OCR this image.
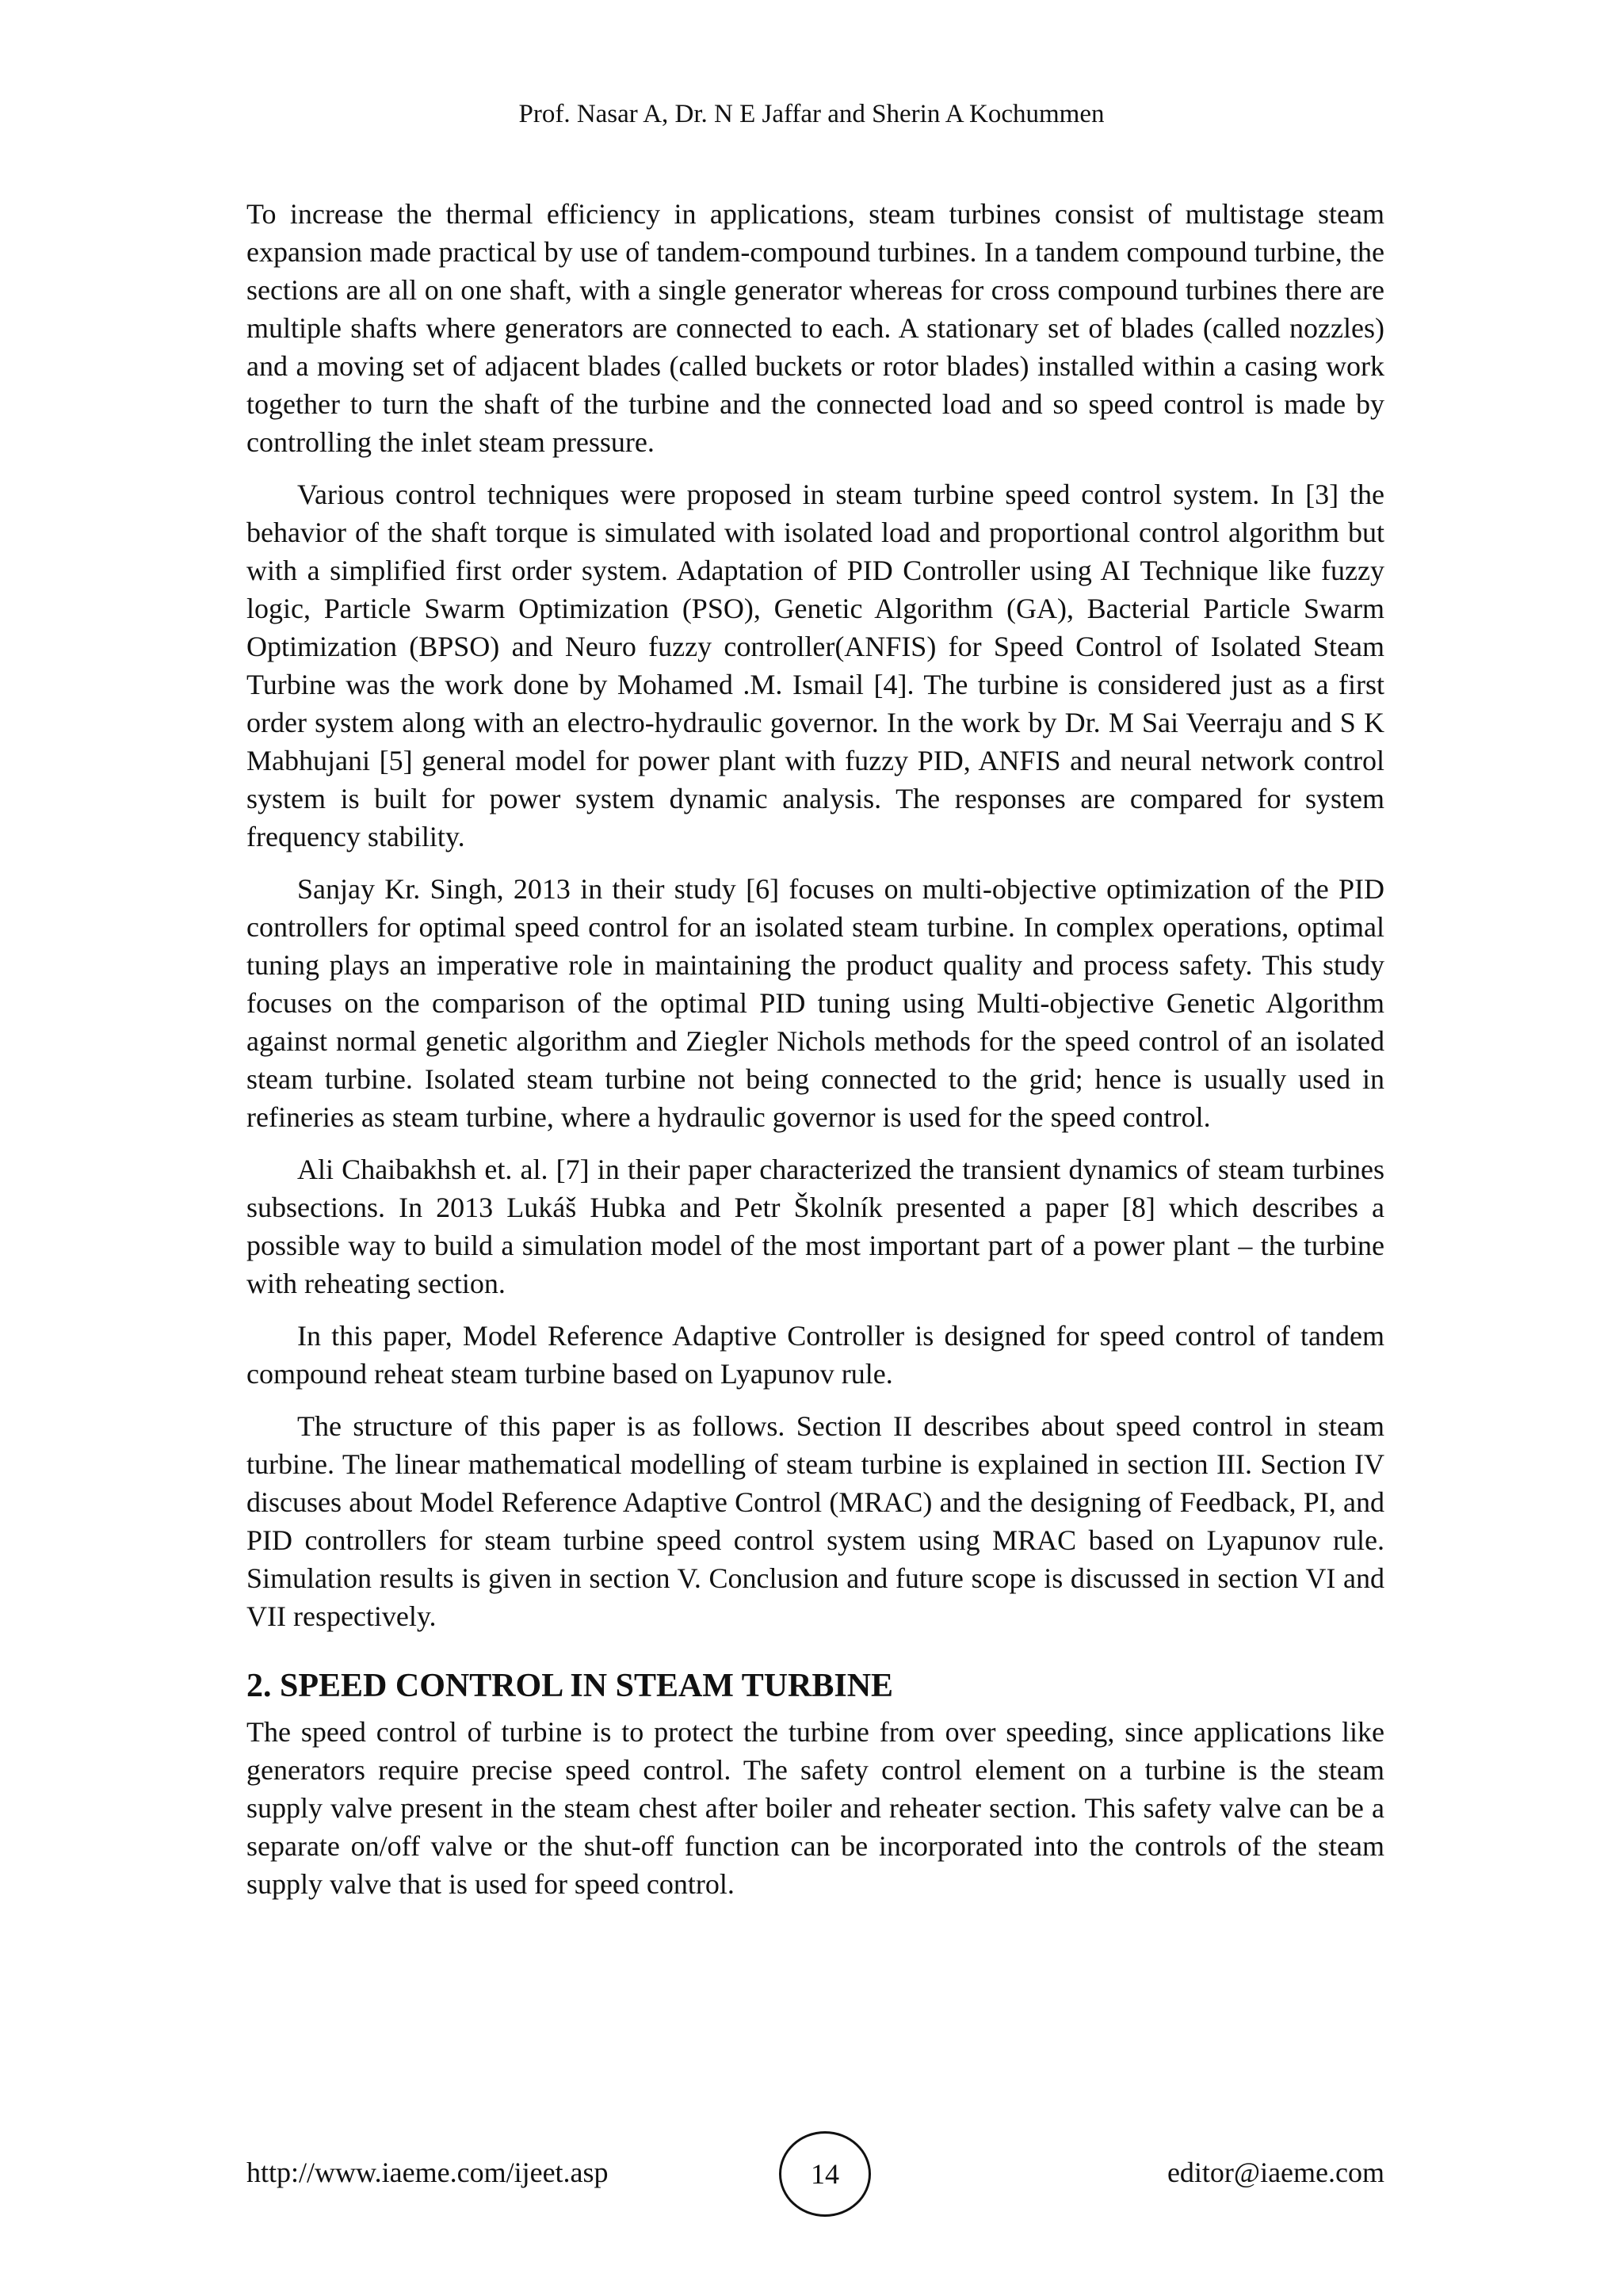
Prof. Nasar A, Dr. N E Jaffar and Sherin A Kochummen

To increase the thermal efficiency in applications, steam turbines consist of multistage steam expansion made practical by use of tandem-compound turbines. In a tandem compound turbine, the sections are all on one shaft, with a single generator whereas for cross compound turbines there are multiple shafts where generators are connected to each. A stationary set of blades (called nozzles) and a moving set of adjacent blades (called buckets or rotor blades) installed within a casing work together to turn the shaft of the turbine and the connected load and so speed control is made by controlling the inlet steam pressure.

Various control techniques were proposed in steam turbine speed control system. In [3] the behavior of the shaft torque is simulated with isolated load and proportional control algorithm but with a simplified first order system. Adaptation of PID Controller using AI Technique like fuzzy logic, Particle Swarm Optimization (PSO), Genetic Algorithm (GA), Bacterial Particle Swarm Optimization (BPSO) and Neuro fuzzy controller(ANFIS) for Speed Control of Isolated Steam Turbine was the work done by Mohamed .M. Ismail [4]. The turbine is considered just as a first order system along with an electro-hydraulic governor. In the work by Dr. M Sai Veerraju and S K Mabhujani [5] general model for power plant with fuzzy PID, ANFIS and neural network control system is built for power system dynamic analysis. The responses are compared for system frequency stability.

Sanjay Kr. Singh, 2013 in their study [6] focuses on multi-objective optimization of the PID controllers for optimal speed control for an isolated steam turbine. In complex operations, optimal tuning plays an imperative role in maintaining the product quality and process safety. This study focuses on the comparison of the optimal PID tuning using Multi-objective Genetic Algorithm against normal genetic algorithm and Ziegler Nichols methods for the speed control of an isolated steam turbine. Isolated steam turbine not being connected to the grid; hence is usually used in refineries as steam turbine, where a hydraulic governor is used for the speed control.

Ali Chaibakhsh et. al. [7] in their paper characterized the transient dynamics of steam turbines subsections. In 2013 Lukáš Hubka and Petr Školník presented a paper [8] which describes a possible way to build a simulation model of the most important part of a power plant – the turbine with reheating section.

In this paper, Model Reference Adaptive Controller is designed for speed control of tandem compound reheat steam turbine based on Lyapunov rule.

The structure of this paper is as follows. Section II describes about speed control in steam turbine. The linear mathematical modelling of steam turbine is explained in section III. Section IV discuses about Model Reference Adaptive Control (MRAC) and the designing of Feedback, PI, and PID controllers for steam turbine speed control system using MRAC based on Lyapunov rule. Simulation results is given in section V. Conclusion and future scope is discussed in section VI and VII respectively.

2. SPEED CONTROL IN STEAM TURBINE

The speed control of turbine is to protect the turbine from over speeding, since applications like generators require precise speed control. The safety control element on a turbine is the steam supply valve present in the steam chest after boiler and reheater section. This safety valve can be a separate on/off valve or the shut-off function can be incorporated into the controls of the steam supply valve that is used for speed control.

http://www.iaeme.com/ijeet.asp	14	editor@iaeme.com
